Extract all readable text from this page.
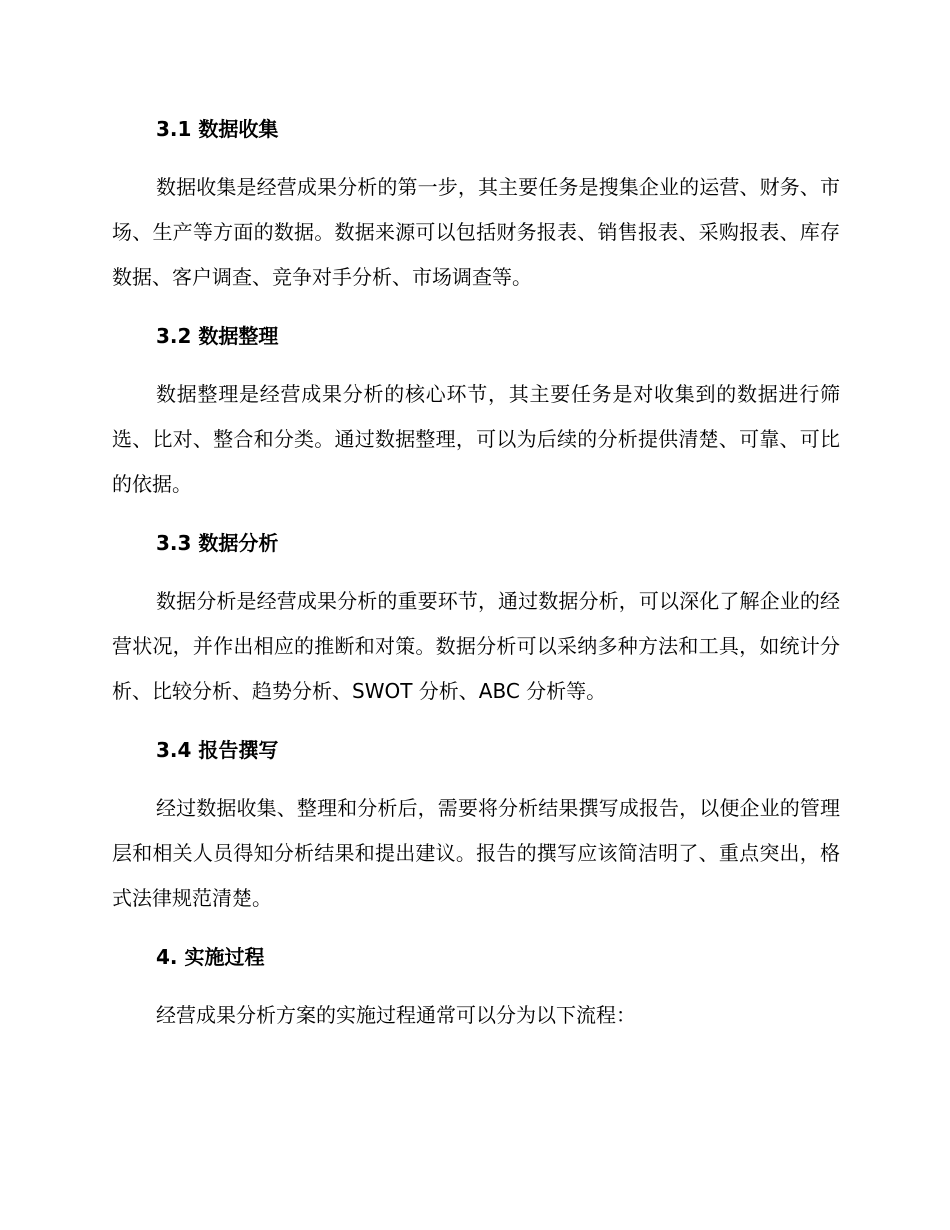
3.1 数据收集

数据收集是经营成果分析的第一步，其主要任务是搜集企业的运营、财务、市场、生产等方面的数据。数据来源可以包括财务报表、销售报表、采购报表、库存数据、客户调查、竞争对手分析、市场调查等。

3.2 数据整理

数据整理是经营成果分析的核心环节，其主要任务是对收集到的数据进行筛选、比对、整合和分类。通过数据整理，可以为后续的分析提供清楚、可靠、可比的依据。

3.3 数据分析

数据分析是经营成果分析的重要环节，通过数据分析，可以深化了解企业的经营状况，并作出相应的推断和对策。数据分析可以采纳多种方法和工具，如统计分析、比较分析、趋势分析、SWOT 分析、ABC 分析等。

3.4 报告撰写

经过数据收集、整理和分析后，需要将分析结果撰写成报告，以便企业的管理层和相关人员得知分析结果和提出建议。报告的撰写应该简洁明了、重点突出，格式法律规范清楚。

4. 实施过程

经营成果分析方案的实施过程通常可以分为以下流程：
